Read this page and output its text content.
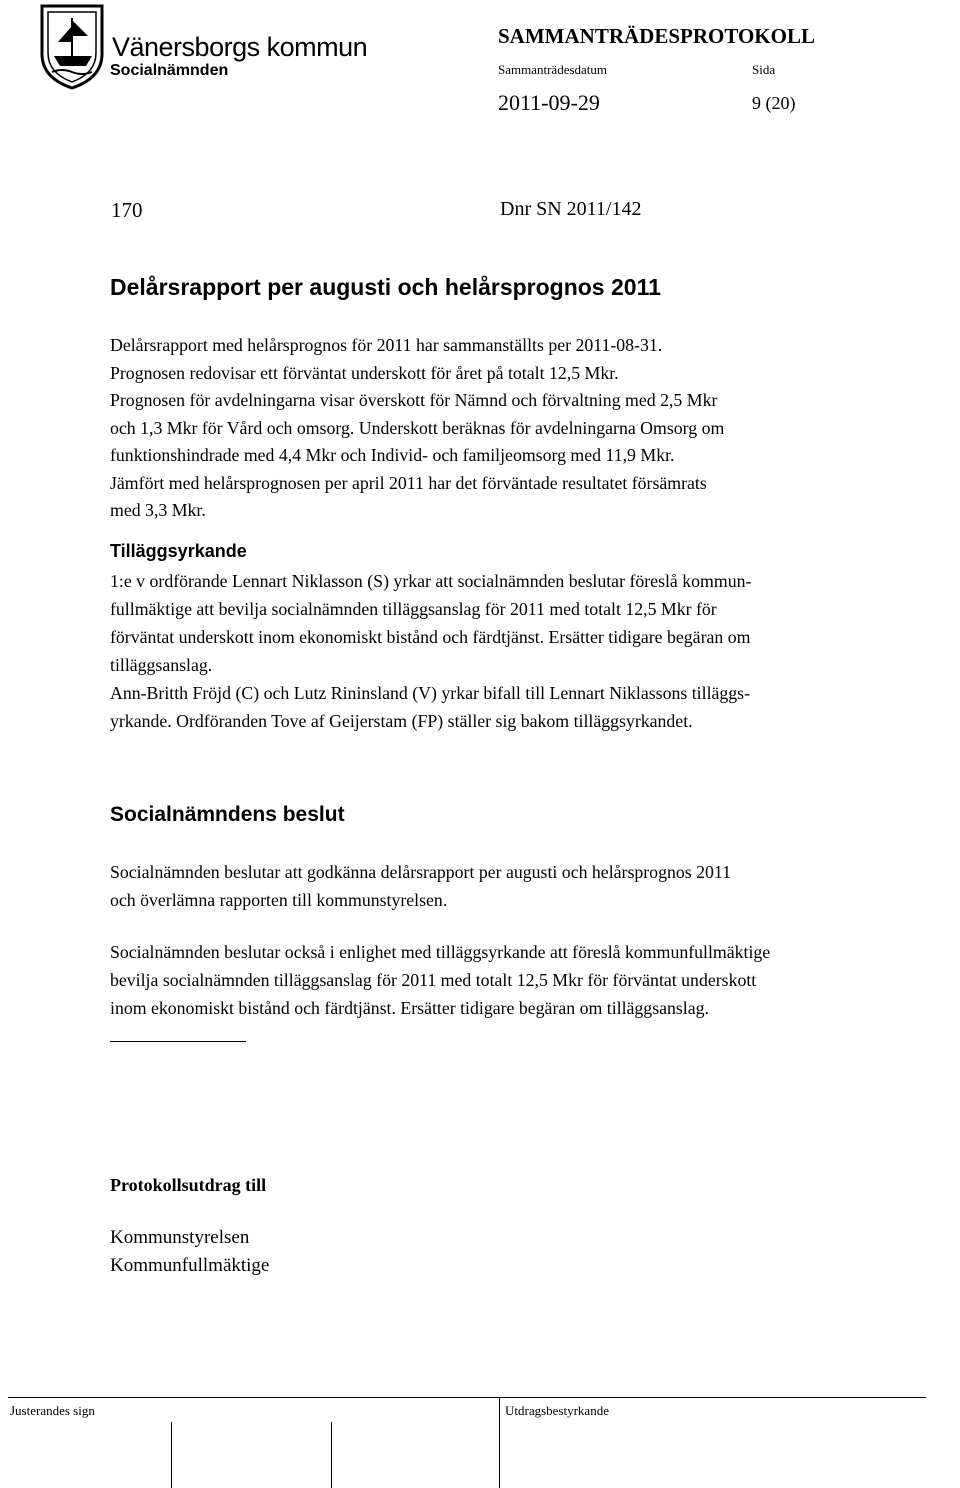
Vänersborgs kommun
Socialnämnden
SAMMANTRÄDESPROTOKOLL
Sammanträdesdatum	Sida
2011-09-29	9 (20)
170	Dnr SN 2011/142
Delårsrapport per augusti och helårsprognos 2011
Delårsrapport med helårsprognos för 2011 har sammanställts per 2011-08-31.
Prognosen redovisar ett förväntat underskott för året på totalt 12,5 Mkr.
Prognosen för avdelningarna visar överskott för Nämnd och förvaltning med 2,5 Mkr
och 1,3 Mkr för Vård och omsorg. Underskott beräknas för avdelningarna Omsorg om
funktionshindrade med 4,4 Mkr och Individ- och familjeomsorg med 11,9 Mkr.
Jämfört med helårsprognosen per april 2011 har det förväntade resultatet försämrats
med 3,3 Mkr.
Tilläggsyrkande
1:e v ordförande Lennart Niklasson (S) yrkar att socialnämnden beslutar föreslå kommun-
fullmäktige att bevilja socialnämnden tilläggsanslag för 2011 med totalt 12,5 Mkr för
förväntat underskott inom ekonomiskt bistånd och färdtjänst. Ersätter tidigare begäran om
tilläggsanslag.
Ann-Britth Fröjd (C) och Lutz Rininsland (V) yrkar bifall till Lennart Niklassons tilläggs-
yrkande. Ordföranden Tove af Geijerstam (FP) ställer sig bakom tilläggsyrkandet.
Socialnämndens beslut
Socialnämnden beslutar att godkänna delårsrapport per augusti och helårsprognos 2011
och överlämna rapporten till kommunstyrelsen.
Socialnämnden beslutar också i enlighet med tilläggsyrkande att föreslå kommunfullmäktige
bevilja socialnämnden tilläggsanslag för 2011 med totalt 12,5 Mkr för förväntat underskott
inom ekonomiskt bistånd och färdtjänst. Ersätter tidigare begäran om tilläggsanslag.
Protokollsutdrag till
Kommunstyrelsen
Kommunfullmäktige
Justerandes sign	Utdragsbestyrkande
